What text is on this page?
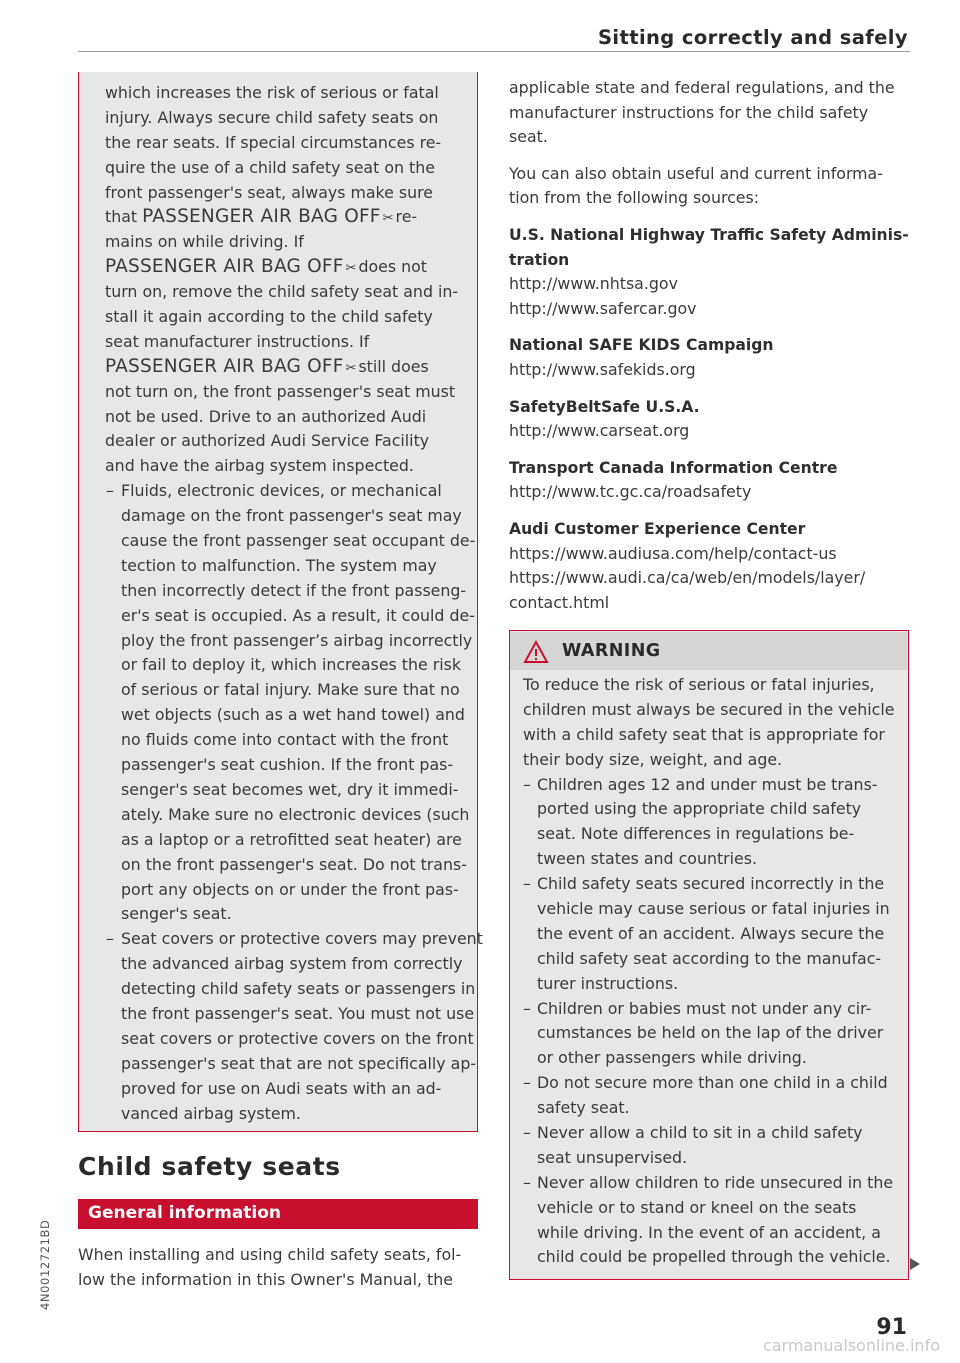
Sitting correctly and safely
which increases the risk of serious or fatal
injury. Always secure child safety seats on
the rear seats. If special circumstances re-
quire the use of a child safety seat on the
front passenger's seat, always make sure
that PASSENGER AIR BAG OFF ✂ re-
mains on while driving. If
PASSENGER AIR BAG OFF ✂ does not
turn on, remove the child safety seat and in-
stall it again according to the child safety
seat manufacturer instructions. If
PASSENGER AIR BAG OFF ✂ still does
not turn on, the front passenger's seat must
not be used. Drive to an authorized Audi
dealer or authorized Audi Service Facility
and have the airbag system inspected.
– Fluids, electronic devices, or mechanical
damage on the front passenger's seat may
cause the front passenger seat occupant de-
tection to malfunction. The system may
then incorrectly detect if the front passeng-
er's seat is occupied. As a result, it could de-
ploy the front passenger’s airbag incorrectly
or fail to deploy it, which increases the risk
of serious or fatal injury. Make sure that no
wet objects (such as a wet hand towel) and
no fluids come into contact with the front
passenger's seat cushion. If the front pas-
senger's seat becomes wet, dry it immedi-
ately. Make sure no electronic devices (such
as a laptop or a retrofitted seat heater) are
on the front passenger's seat. Do not trans-
port any objects on or under the front pas-
senger's seat.
– Seat covers or protective covers may prevent
the advanced airbag system from correctly
detecting child safety seats or passengers in
the front passenger's seat. You must not use
seat covers or protective covers on the front
passenger's seat that are not specifically ap-
proved for use on Audi seats with an ad-
vanced airbag system.
Child safety seats
General information
When installing and using child safety seats, fol-
low the information in this Owner's Manual, the
applicable state and federal regulations, and the
manufacturer instructions for the child safety
seat.
You can also obtain useful and current informa-
tion from the following sources:
U.S. National Highway Traffic Safety Adminis-
tration
http://www.nhtsa.gov
http://www.safercar.gov
National SAFE KIDS Campaign
http://www.safekids.org
SafetyBeltSafe U.S.A.
http://www.carseat.org
Transport Canada Information Centre
http://www.tc.gc.ca/roadsafety
Audi Customer Experience Center
https://www.audiusa.com/help/contact-us
https://www.audi.ca/ca/web/en/models/layer/
contact.html
WARNING
To reduce the risk of serious or fatal injuries,
children must always be secured in the vehicle
with a child safety seat that is appropriate for
their body size, weight, and age.
– Children ages 12 and under must be trans-
ported using the appropriate child safety
seat. Note differences in regulations be-
tween states and countries.
– Child safety seats secured incorrectly in the
vehicle may cause serious or fatal injuries in
the event of an accident. Always secure the
child safety seat according to the manufac-
turer instructions.
– Children or babies must not under any cir-
cumstances be held on the lap of the driver
or other passengers while driving.
– Do not secure more than one child in a child
safety seat.
– Never allow a child to sit in a child safety
seat unsupervised.
– Never allow children to ride unsecured in the
vehicle or to stand or kneel on the seats
while driving. In the event of an accident, a
child could be propelled through the vehicle.
4N0012721BD
91
carmanualsonline.info
